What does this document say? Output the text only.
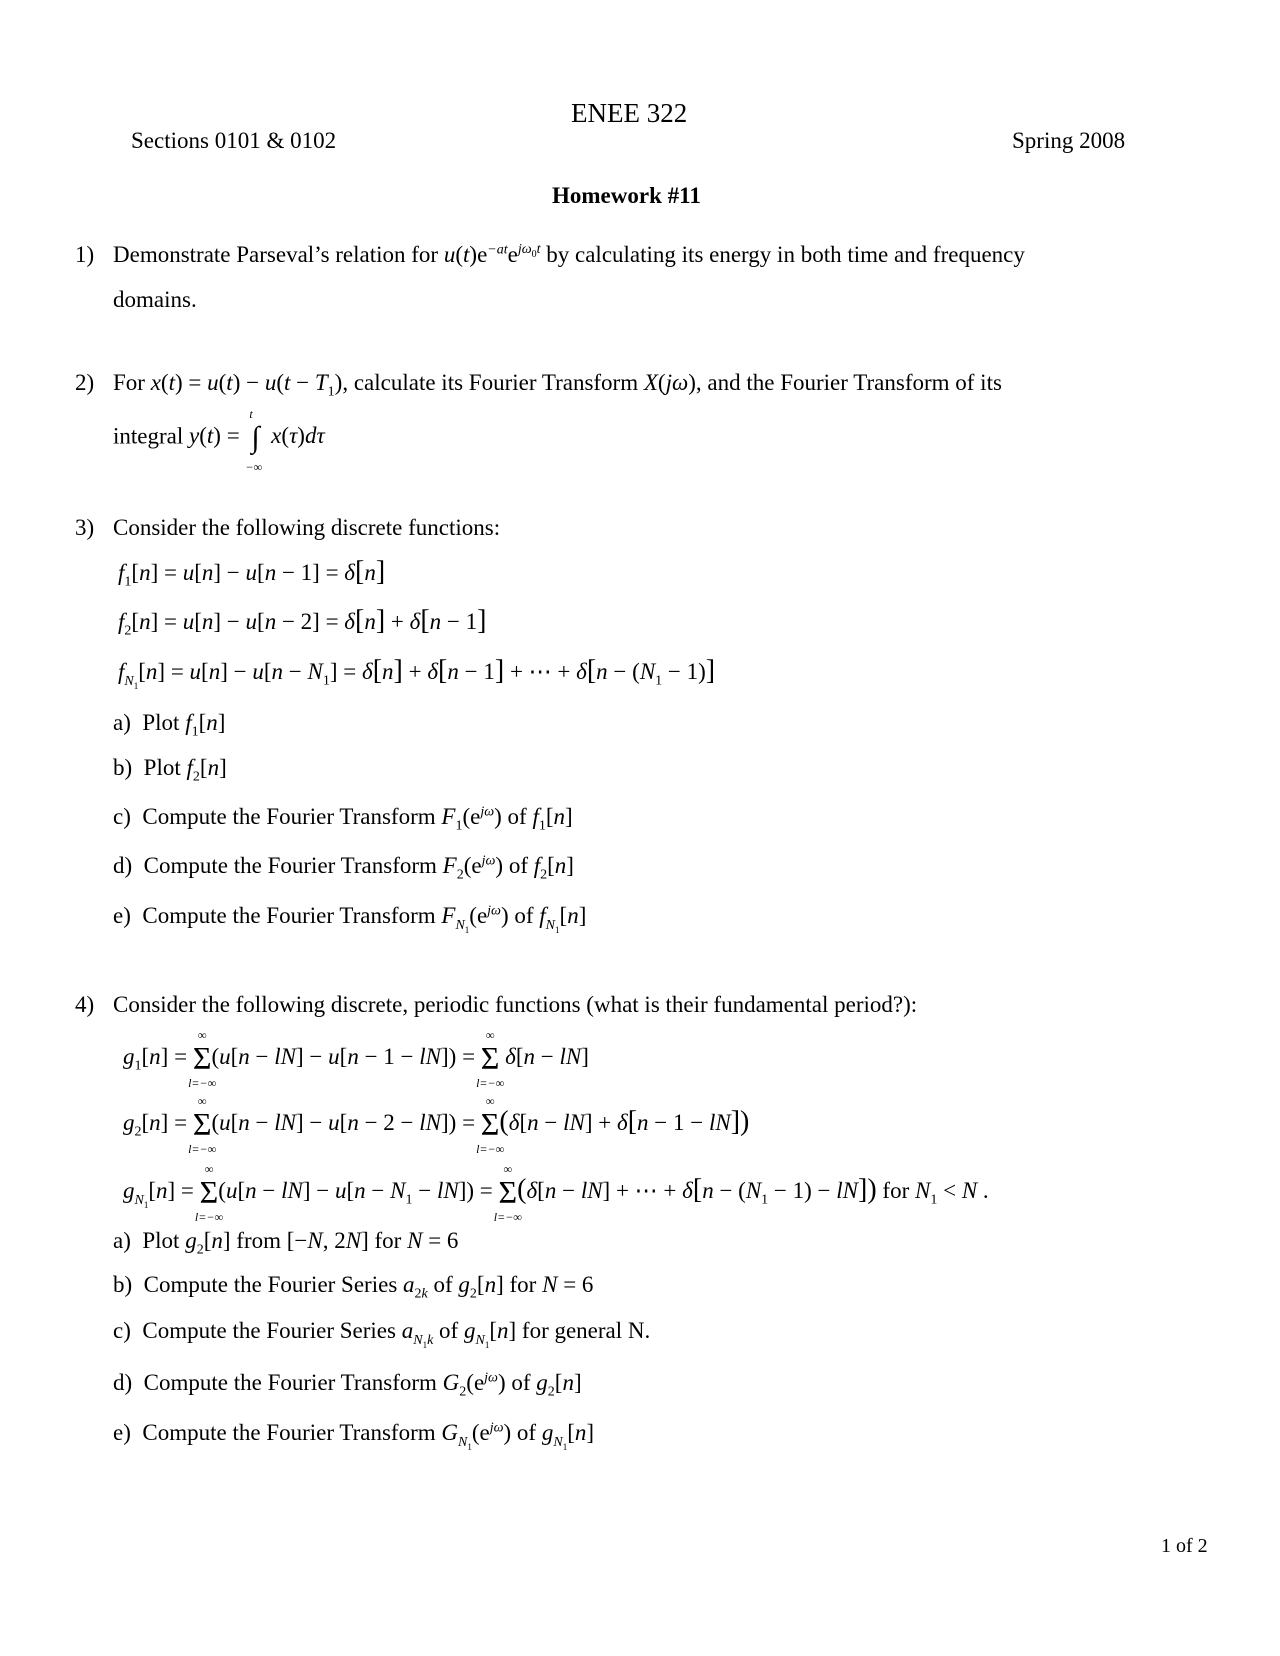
ENEE 322
Sections 0101 & 0102	Spring 2008
Homework #11
1) Demonstrate Parseval’s relation for $u(t)e^{-at}e^{j\omega_0t}$ by calculating its energy in both time and frequency
domains.
2) For $x(t) = u(t) - u(t - T_1)$, calculate its Fourier Transform X(jω), and the Fourier Transform of its
integral y(t) =
t
∫
−∞
x(τ)dτ
3) Consider the following discrete functions:
$f_1[n] = u[n] - u[n - 1] = \delta[n]$
$f_2[n] = u[n] - u[n - 2] = \delta[n] + \delta[n - 1]$
$f_{N_1}[n] = u[n] - u[n - N_1] = \delta[n] + \delta[n - 1]$ + ⋯ + $\delta[n - (N_1 - 1)]$
a) Plot $f_1[n]$
b) Plot $f_2[n]$
c) Compute the Fourier Transform $F_1(e^{j\omega})$ of $f_1[n]$
d) Compute the Fourier Transform $F_2(e^{j\omega})$ of $f_2[n]$
e) Compute the Fourier Transform $F_{N_1}(e^{j\omega})$ of $f_{N_1}[n]$
4) Consider the following discrete, periodic functions (what is their fundamental period?):
$g_1[n]$ =
∞
Σ
l=−∞
(u[n − lN] − u[n − 1 − lN]) =
∞
Σ
l=−∞
δ[n − lN]
$g_2[n]$ =
∞
Σ
l=−∞
(u[n − lN] − u[n − 2 − lN]) =
∞
Σ
l=−∞
(δ[n − lN] + δ[n − 1 − lN])
$g_{N_1}[n]$ =
∞
Σ
l=−∞
$(u[n - lN] - u[n - N_1 - lN])$ =
∞
Σ
l=−∞
(δ[n − lN] + ⋯ + $\delta[n - (N_1 - 1) - lN]$) for $N_1 < N$ .
a) Plot $g_2[n]$ from [−N, 2N] for N = 6
b) Compute the Fourier Series $a_{2k}$ of $g_2[n]$ for N = 6
c) Compute the Fourier Series $a_{N_1k}$ of $g_{N_1}[n]$ for general N.
d) Compute the Fourier Transform $G_2(e^{j\omega})$ of $g_2[n]$
e) Compute the Fourier Transform $G_{N_1}(e^{j\omega})$ of $g_{N_1}[n]$
1 of 2
